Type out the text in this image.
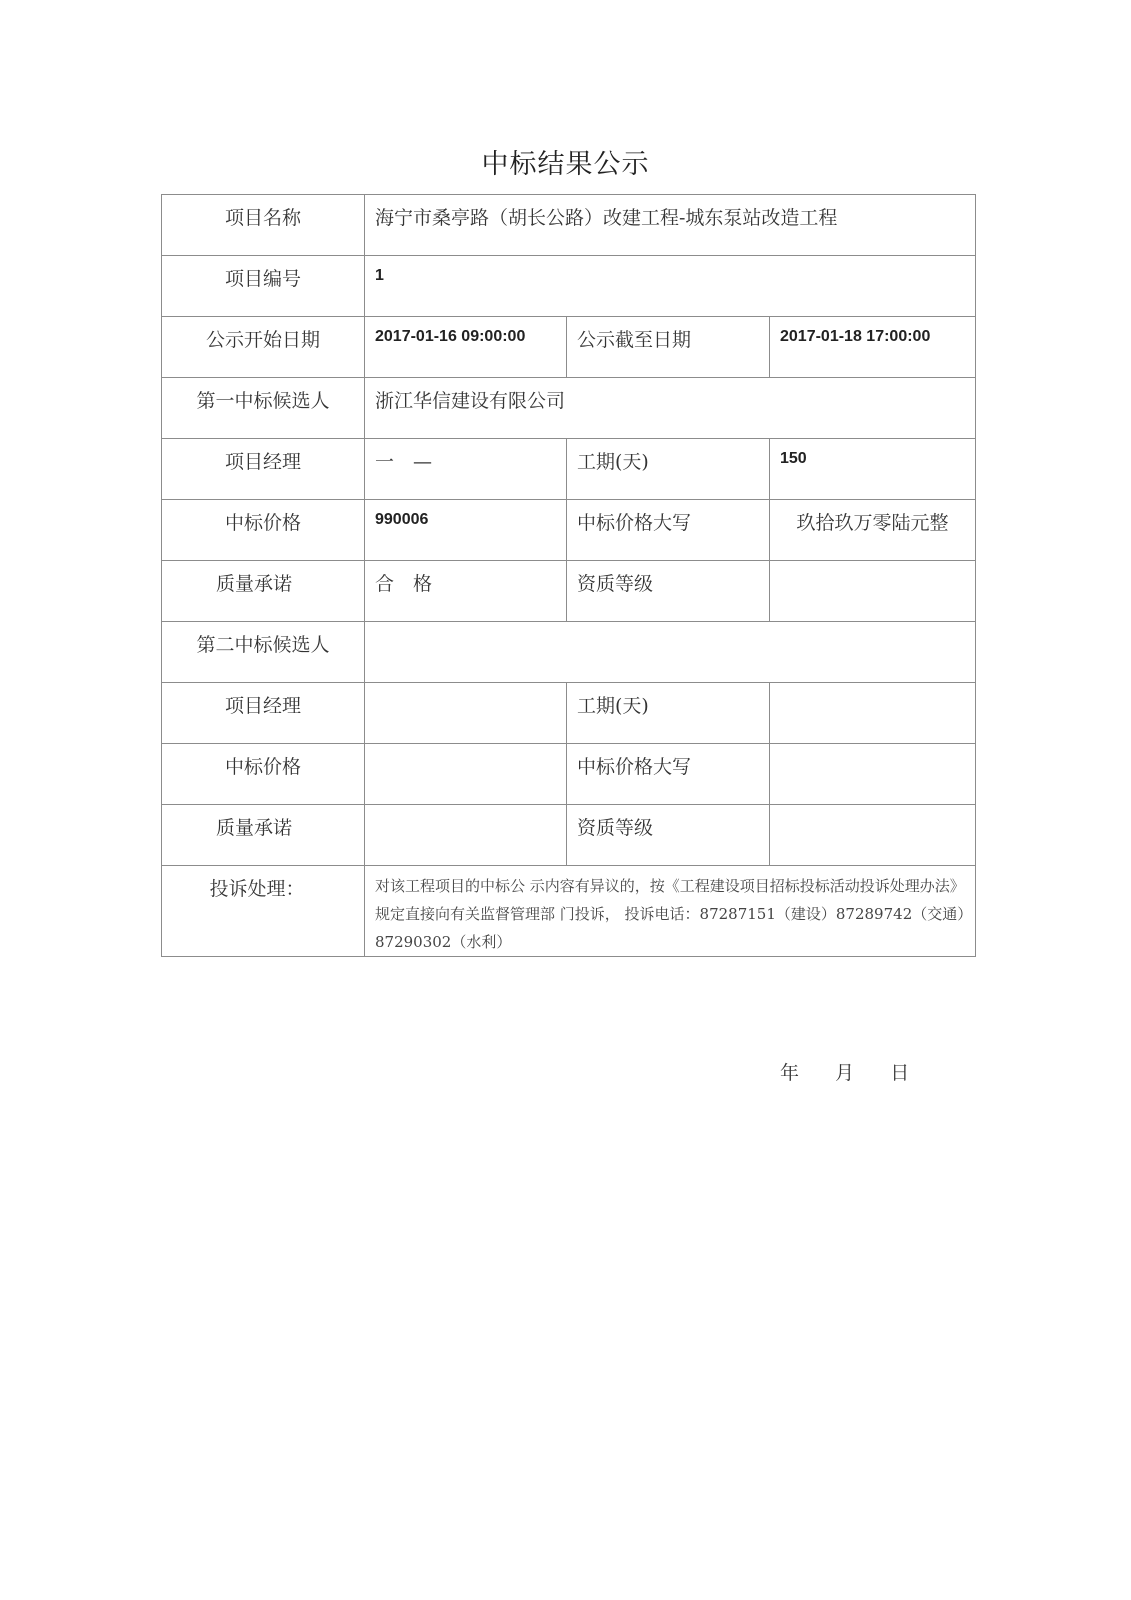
中标结果公示
项目名称	海宁市桑亭路（胡长公路）改建工程-城东泵站改造工程		

项目编号	1		

公示开始日期	2017-01-16 09:00:00	公示截至日期	2017-01-18 17:00:00

第一中标候选人	浙江华信建设有限公司		

项目经理	一　—	工期(天)	150

中标价格	990006	中标价格大写	玖拾玖万零陆元整

质量承诺	合　格	资质等级	

第二中标候选人			

项目经理		工期(天)	

中标价格		中标价格大写	

质量承诺		资质等级	

投诉处理：	对该工程项目的中标公 示内容有异议的，按《工程建设项目招标投标活动投诉处理办法》 规定直接向有关监督管理部 门投诉， 投诉电话：87287151（建设）87289742（交通）87290302（水利）		
年 月 日
